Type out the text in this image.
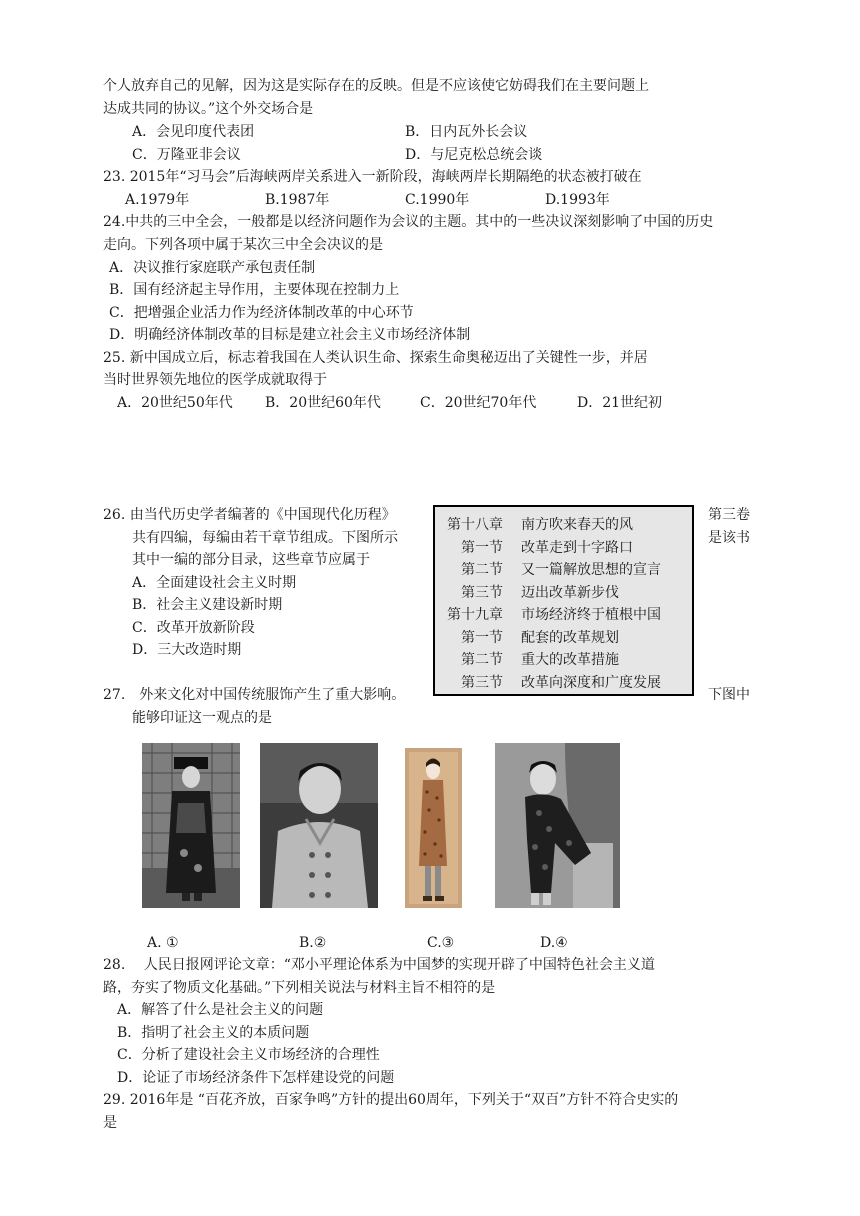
个人放弃自己的见解，因为这是实际存在的反映。但是不应该使它妨碍我们在主要问题上
达成共同的协议。”这个外交场合是
A．会见印度代表团	B．日内瓦外长会议
C．万隆亚非会议	D．与尼克松总统会谈
23. 2015年“习马会”后海峡两岸关系进入一新阶段，海峡两岸长期隔绝的状态被打破在
A.1979年	B.1987年	C.1990年	D.1993年
24.中共的三中全会，一般都是以经济问题作为会议的主题。其中的一些决议深刻影响了中国的历史
走向。下列各项中属于某次三中全会决议的是
A．决议推行家庭联产承包责任制
B．国有经济起主导作用，主要体现在控制力上
C．把增强企业活力作为经济体制改革的中心环节
D．明确经济体制改革的目标是建立社会主义市场经济体制
25. 新中国成立后，标志着我国在人类认识生命、探索生命奥秘迈出了关键性一步，并居
当时世界领先地位的医学成就取得于
A．20世纪50年代 B．20世纪60年代	C．20世纪70年代	D．21世纪初
26. 由当代历史学者编著的《中国现代化历程》	第三卷
共有四编，每编由若干章节组成。下图所示	是该书
其中一编的部分目录，这些章节应属于
A．全面建设社会主义时期
B．社会主义建设新时期
C．改革开放新阶段
D．三大改造时期
第十八章 南方吹来春天的风
第一节 改革走到十字路口
第二节 又一篇解放思想的宣言
第三节 迈出改革新步伐
第十九章 市场经济终于植根中国
第一节 配套的改革规划
第二节 重大的改革措施
第三节 改革向深度和广度发展
27.　外来文化对中国传统服饰产生了重大影响。	下图中
能够印证这一观点的是
A. ①	B.②	C.③	D.④
28.　 人民日报网评论文章：“邓小平理论体系为中国梦的实现开辟了中国特色社会主义道
路，夯实了物质文化基础。”下列相关说法与材料主旨不相符的是
A．解答了什么是社会主义的问题
B．指明了社会主义的本质问题
C．分析了建设社会主义市场经济的合理性
D．论证了市场经济条件下怎样建设党的问题
29. 2016年是 “百花齐放，百家争鸣”方针的提出60周年，下列关于“双百”方针不符合史实的
是
